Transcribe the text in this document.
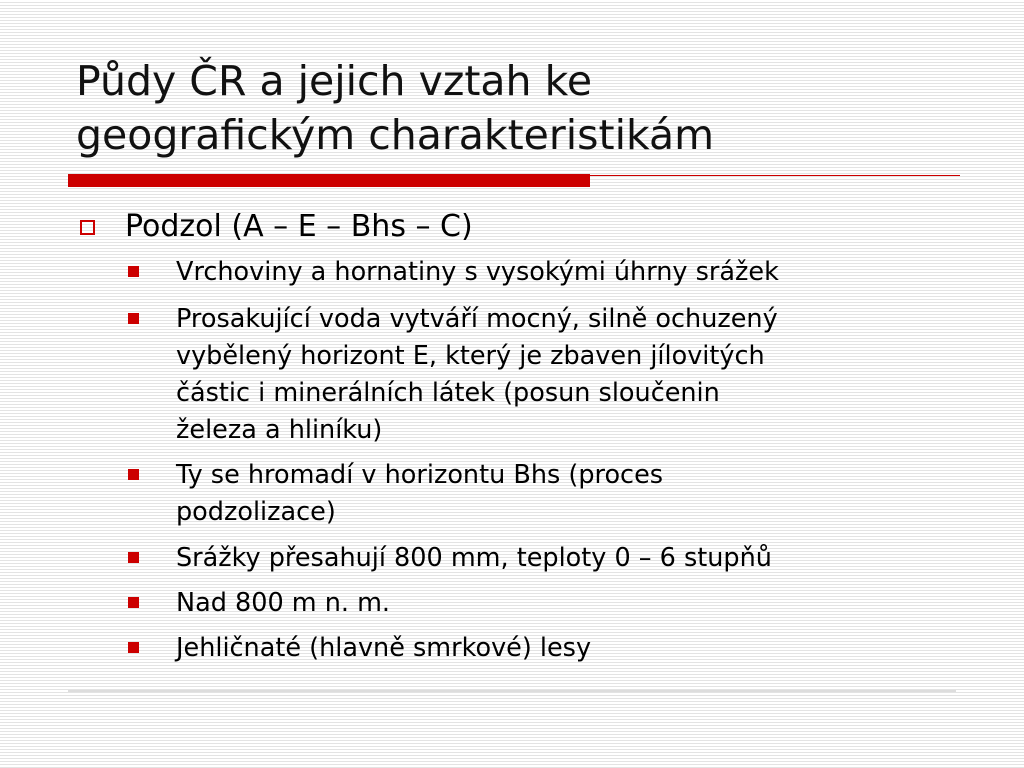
Půdy ČR a jejich vztah ke
geografickým charakteristikám
Podzol (A – E – Bhs – C)
Vrchoviny a hornatiny s vysokými úhrny srážek
Prosakující voda vytváří mocný, silně ochuzený
vybělený horizont E, který je zbaven jílovitých
částic i minerálních látek (posun sloučenin
železa a hliníku)
Ty se hromadí v horizontu Bhs (proces
podzolizace)
Srážky přesahují 800 mm, teploty 0 – 6 stupňů
Nad 800 m n. m.
Jehličnaté (hlavně smrkové) lesy
